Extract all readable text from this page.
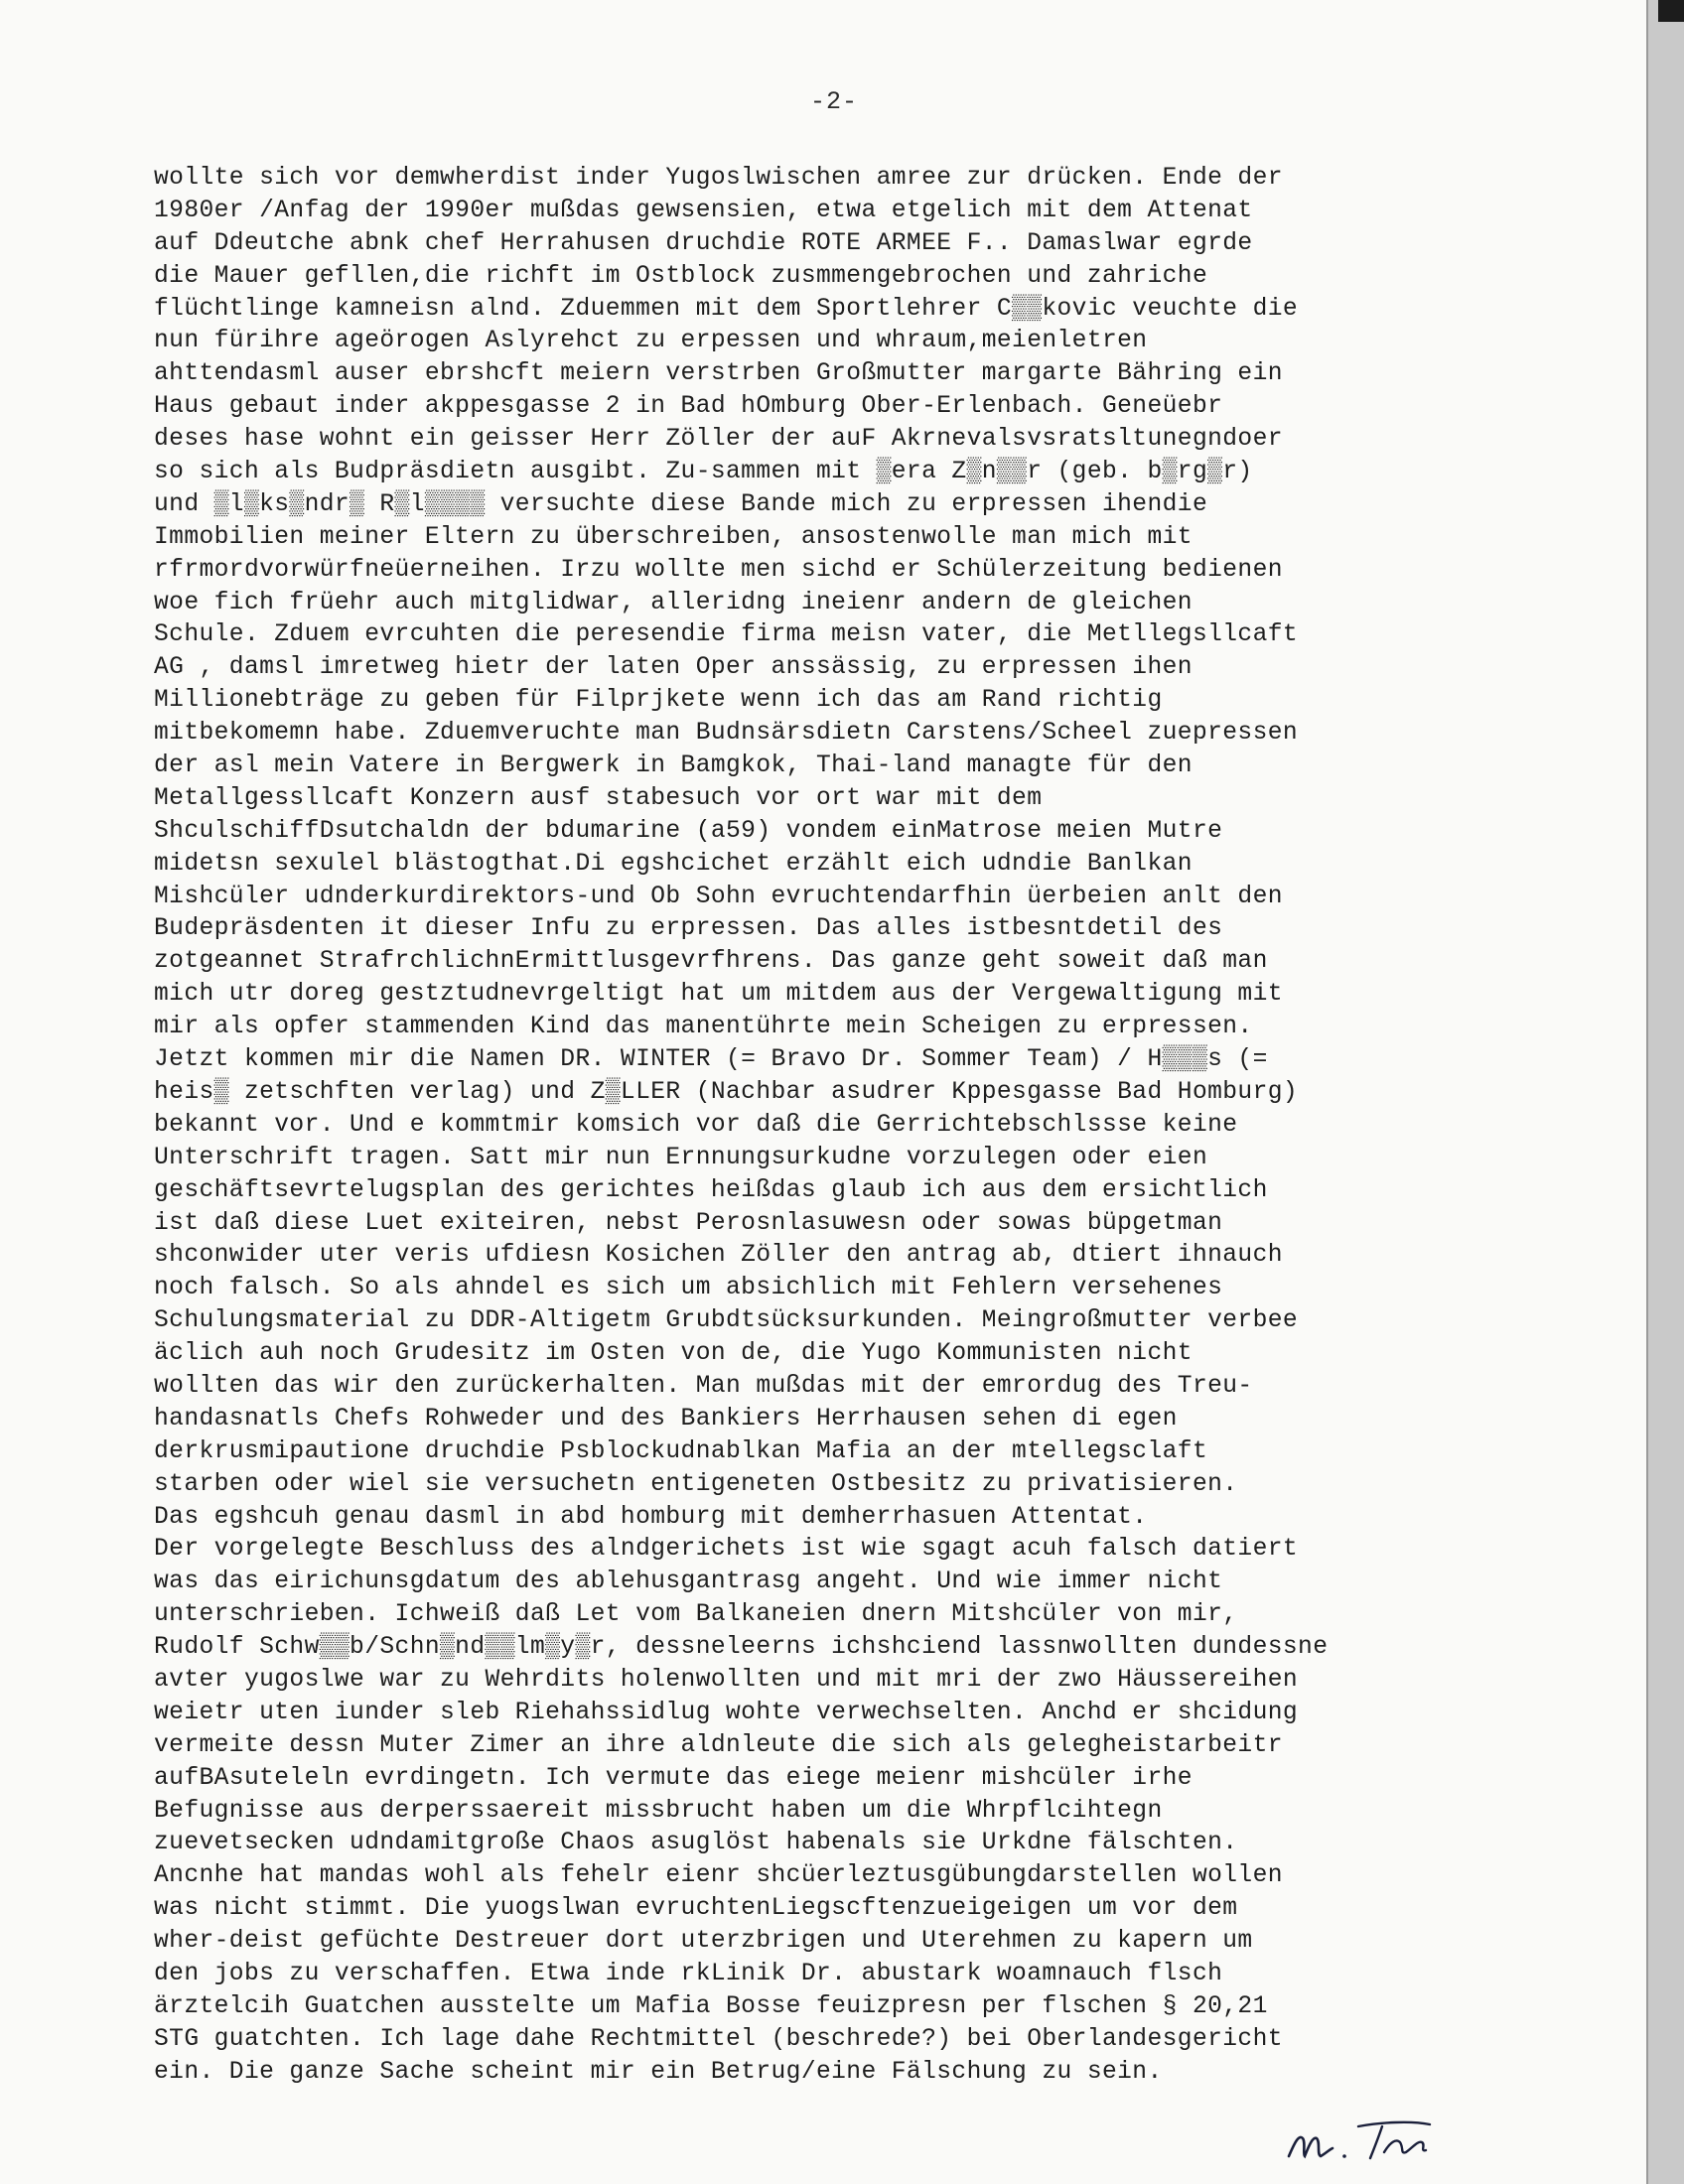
-2-
wollte sich vor demwherdist inder Yugoslwischen amree zur drücken. Ende der
1980er /Anfag der 1990er mußdas gewsensien, etwa etgelich mit dem Attenat
auf Ddeutche abnk chef Herrahusen druchdie ROTE ARMEE F.. Damaslwar egrde
die Mauer gefllen,die richft im Ostblock zusmmengebrochen und zahriche
flüchtlinge kamneisn alnd. Zduemmen mit dem Sportlehrer C▒▒kovic veuchte die
nun fürihre ageörogen Aslyrehct zu erpessen und whraum,meienletren
ahttendasml auser ebrshcft meiern verstrben Großmutter margarte Bähring ein
Haus gebaut inder akppesgasse 2 in Bad hOmburg Ober-Erlenbach. Geneüebr
deses hase wohnt ein geisser Herr Zöller der auF Akrnevalsvsratsltunegndoer
so sich als Budpräsdietn ausgibt. Zu-sammen mit ▒era Z▒n▒▒r (geb. b▒rg▒r)
und ▒l▒ks▒ndr▒ R▒l▒▒▒▒ versuchte diese Bande mich zu erpressen ihendie
Immobilien meiner Eltern zu überschreiben, ansostenwolle man mich mit
rfrmordvorwürfneüerneihen. Irzu wollte men sichd er Schülerzeitung bedienen
woe fich früehr auch mitglidwar, alleridng ineienr andern de gleichen
Schule. Zduem evrcuhten die peresendie firma meisn vater, die Metllegsllcaft
AG , damsl imretweg hietr der laten Oper anssässig, zu erpressen ihen
Millionebträge zu geben für Filprjkete wenn ich das am Rand richtig
mitbekomemn habe. Zduemveruchte man Budnsärsdietn Carstens/Scheel zuepressen
der asl mein Vatere in Bergwerk in Bamgkok, Thai-land managte für den
Metallgessllcaft Konzern ausf stabesuch vor ort war mit dem
ShculschiffDsutchaldn der bdumarine (a59) vondem einMatrose meien Mutre
midetsn sexulel blästogthat.Di egshcichet erzählt eich udndie Banlkan
Mishcüler udnderkurdirektors-und Ob Sohn evruchtendarfhin üerbeien anlt den
Budepräsdenten it dieser Infu zu erpressen. Das alles istbesntdetil des
zotgeannet StrafrchlichnErmittlusgevrfhrens. Das ganze geht soweit daß man
mich utr doreg gestztudnevrgeltigt hat um mitdem aus der Vergewaltigung mit
mir als opfer stammenden Kind das manentührte mein Scheigen zu erpressen.
Jetzt kommen mir die Namen DR. WINTER (= Bravo Dr. Sommer Team) / H▒▒▒s (=
heis▒ zetschften verlag) und Z▒LLER (Nachbar asudrer Kppesgasse Bad Homburg)
bekannt vor. Und e kommtmir komsich vor daß die Gerrichtebschlssse keine
Unterschrift tragen. Satt mir nun Ernnungsurkudne vorzulegen oder eien
geschäftsevrtelugsplan des gerichtes heißdas glaub ich aus dem ersichtlich
ist daß diese Luet exiteiren, nebst Perosnlasuwesn oder sowas büpgetman
shconwider uter veris ufdiesn Kosichen Zöller den antrag ab, dtiert ihnauch
noch falsch. So als ahndel es sich um absichlich mit Fehlern versehenes
Schulungsmaterial zu DDR-Altigetm Grubdtsücksurkunden. Meingroßmutter verbee
äclich auh noch Grudesitz im Osten von de, die Yugo Kommunisten nicht
wollten das wir den zurückerhalten. Man mußdas mit der emrordug des Treu-
handasnatls Chefs Rohweder und des Bankiers Herrhausen sehen di egen
derkrusmipautione druchdie Psblockudnablkan Mafia an der mtellegsclaft
starben oder wiel sie versuchetn entigeneten Ostbesitz zu privatisieren.
Das egshcuh genau dasml in abd homburg mit demherrhasuen Attentat.
Der vorgelegte Beschluss des alndgerichets ist wie sgagt acuh falsch datiert
was das eirichunsgdatum des ablehusgantrasg angeht. Und wie immer nicht
unterschrieben. Ichweiß daß Let vom Balkaneien dnern Mitshcüler von mir,
Rudolf Schw▒▒b/Schn▒nd▒▒lm▒y▒r, dessneleerns ichshciend lassnwollten dundessne
avter yugoslwe war zu Wehrdits holenwollten und mit mri der zwo Häussereihen
weietr uten iunder sleb Riehahssidlug wohte verwechselten. Anchd er shcidung
vermeite dessn Muter Zimer an ihre aldnleute die sich als gelegheistarbeitr
aufBAsuteleln evrdingetn. Ich vermute das eiege meienr mishcüler irhe
Befugnisse aus derperssaereit missbrucht haben um die Whrpflcihtegn
zuevetsecken udndamitgroße Chaos asuglöst habenals sie Urkdne fälschten.
Ancnhe hat mandas wohl als fehelr eienr shcüerleztusgübungdarstellen wollen
was nicht stimmt. Die yuogslwan evruchtenLiegscftenzueigeigen um vor dem
wher-deist gefüchte Destreuer dort uterzbrigen und Uterehmen zu kapern um
den jobs zu verschaffen. Etwa inde rkLinik Dr. abustark woamnauch flsch
ärztelcih Guatchen ausstelte um Mafia Bosse feuizpresn per flschen § 20,21
STG guatchten. Ich lage dahe Rechtmittel (beschrede?) bei Oberlandesgericht
ein. Die ganze Sache scheint mir ein Betrug/eine Fälschung zu sein.
